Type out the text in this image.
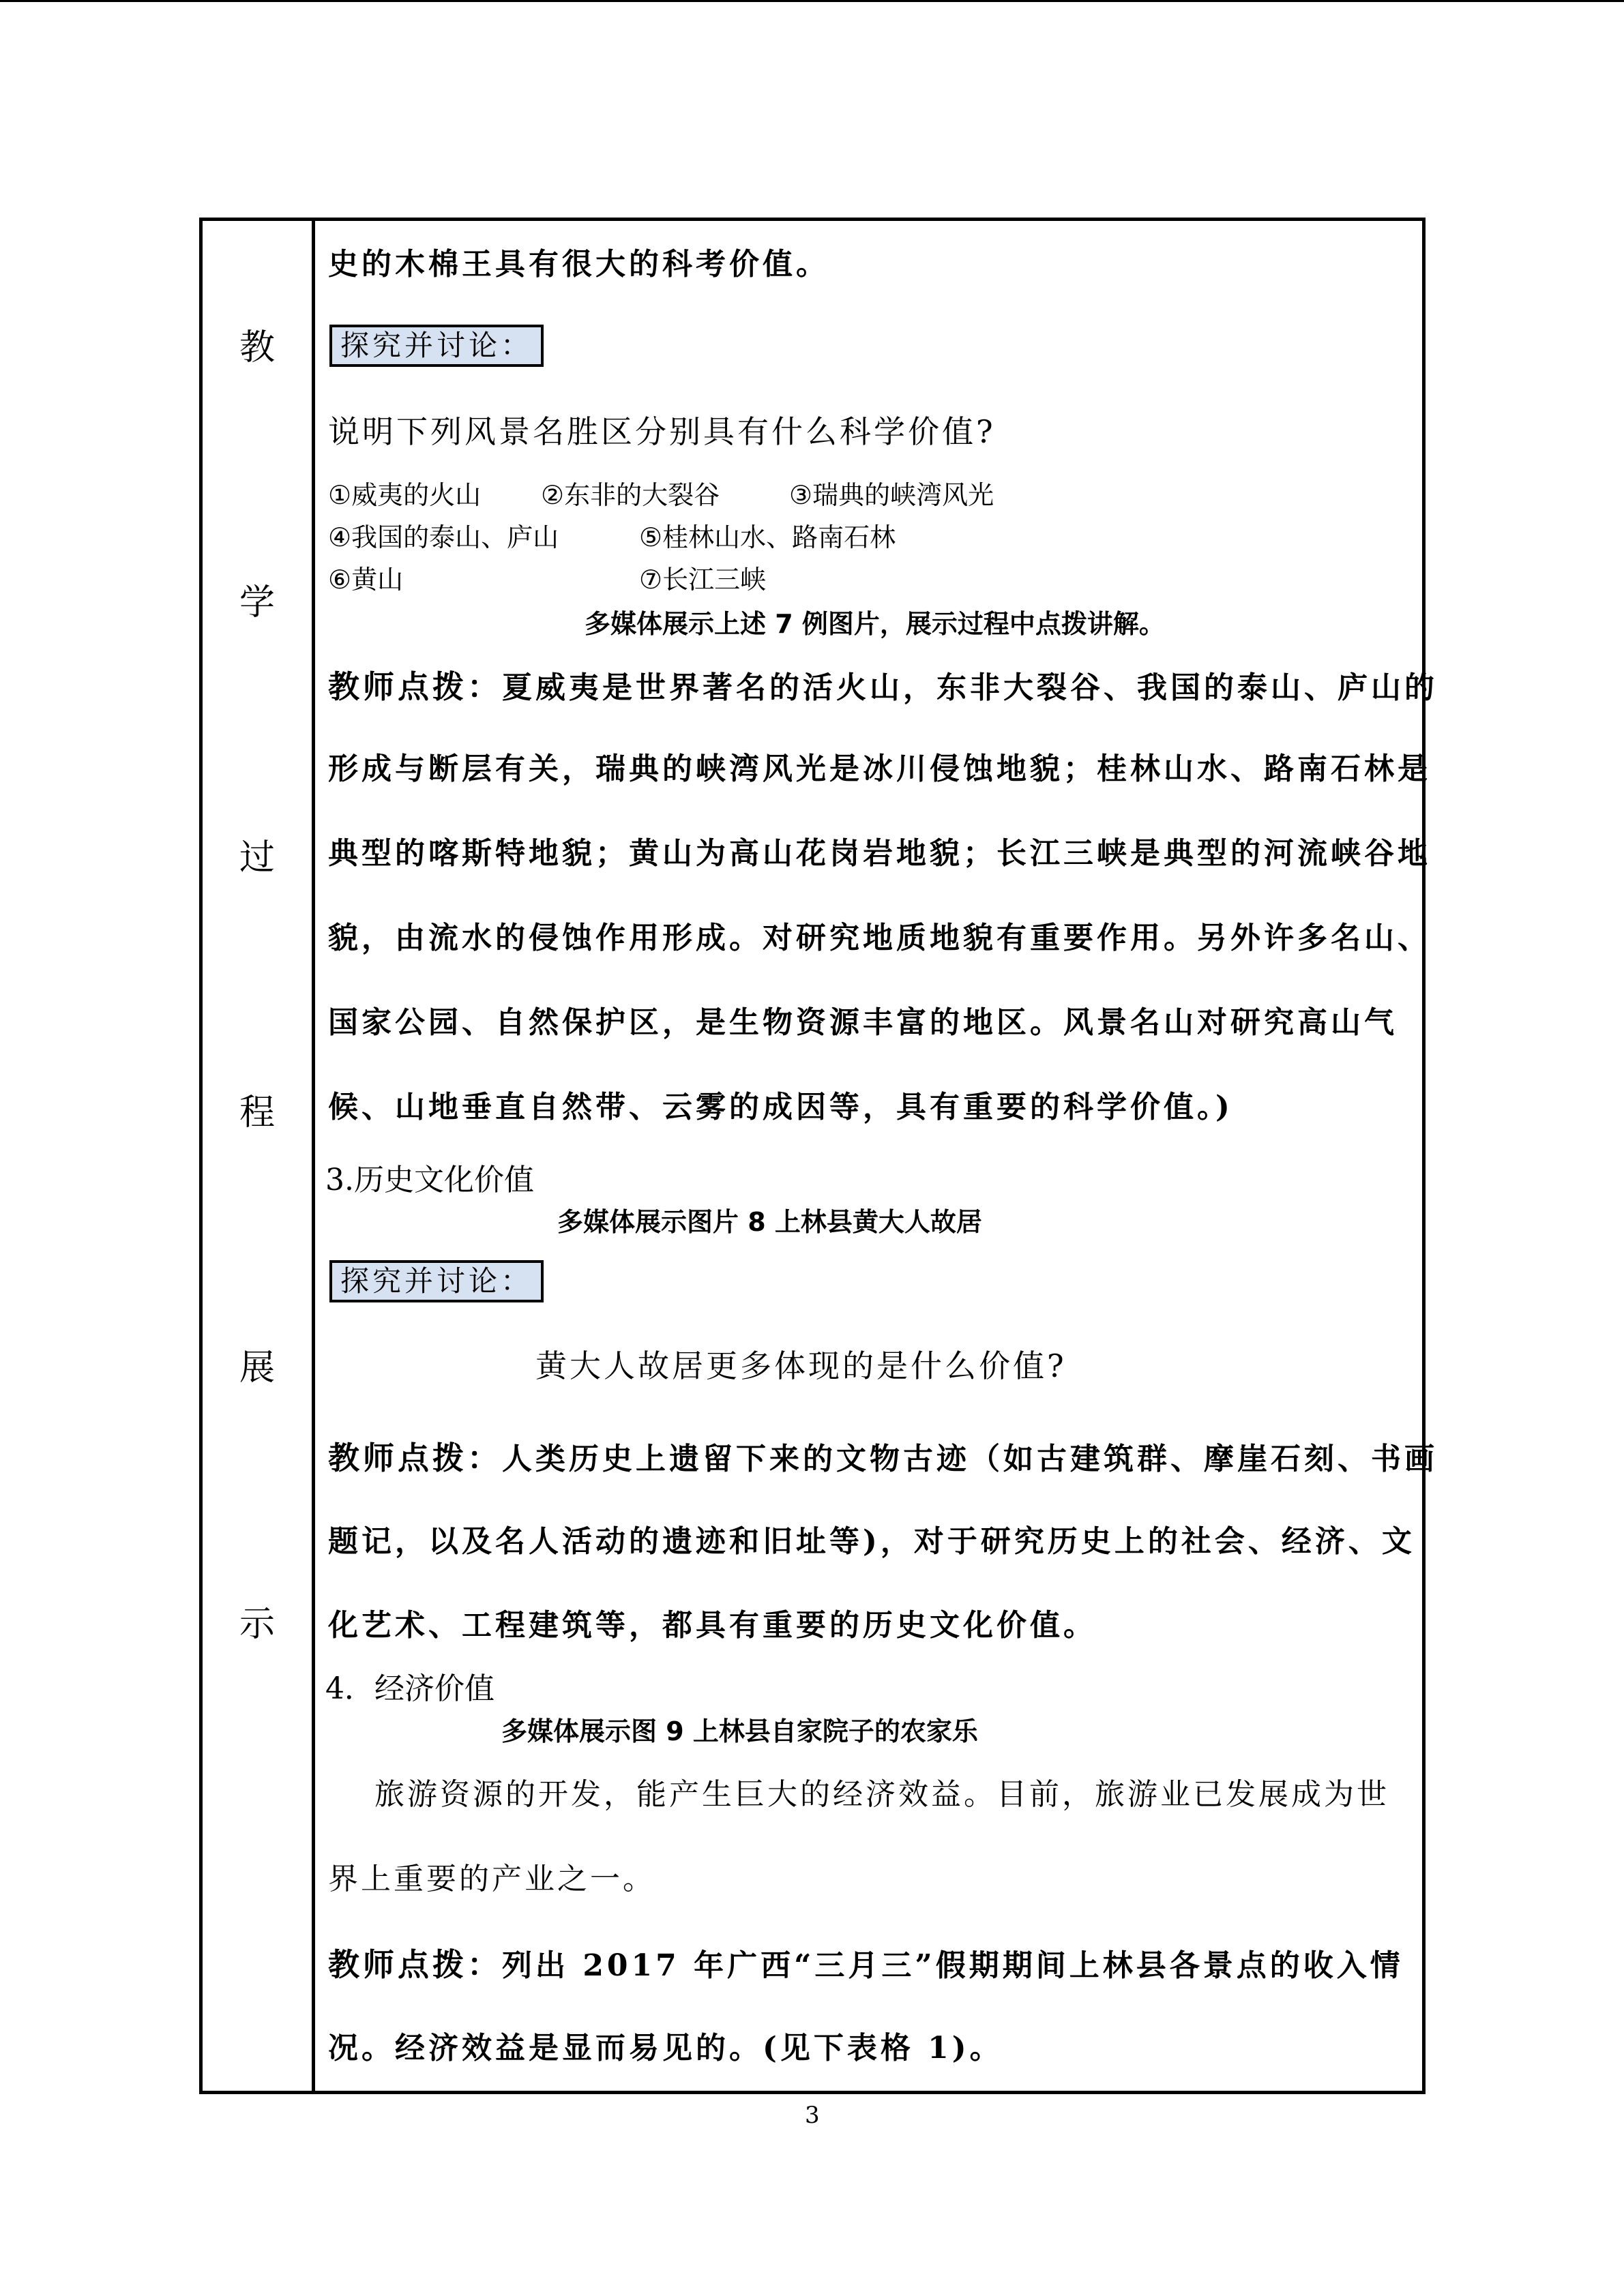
教
学
过
程
展
示
史的木棉王具有很大的科考价值。
探究并讨论：
说明下列风景名胜区分别具有什么科学价值?
①威夷的火山 ②东非的大裂谷	③瑞典的峡湾风光
④我国的泰山、庐山	⑤桂林山水、路南石林
⑥黄山	⑦长江三峡
多媒体展示上述 7 例图片，展示过程中点拨讲解。
教师点拨：夏威夷是世界著名的活火山，东非大裂谷、我国的泰山、庐山的
形成与断层有关，瑞典的峡湾风光是冰川侵蚀地貌；桂林山水、路南石林是
典型的喀斯特地貌；黄山为高山花岗岩地貌；长江三峡是典型的河流峡谷地
貌，由流水的侵蚀作用形成。对研究地质地貌有重要作用。另外许多名山、
国家公园、自然保护区，是生物资源丰富的地区。风景名山对研究高山气
候、山地垂直自然带、云雾的成因等，具有重要的科学价值。)
3.历史文化价值
多媒体展示图片 8 上林县黄大人故居
探究并讨论：
黄大人故居更多体现的是什么价值?
教师点拨：人类历史上遗留下来的文物古迹（如古建筑群、摩崖石刻、书画
题记，以及名人活动的遗迹和旧址等)，对于研究历史上的社会、经济、文
化艺术、工程建筑等，都具有重要的历史文化价值。
4．经济价值
多媒体展示图 9 上林县自家院子的农家乐
旅游资源的开发，能产生巨大的经济效益。目前，旅游业已发展成为世
界上重要的产业之一。
教师点拨：列出 2017 年广西“三月三”假期期间上林县各景点的收入情
况。经济效益是显而易见的。(见下表格 1)。
3
